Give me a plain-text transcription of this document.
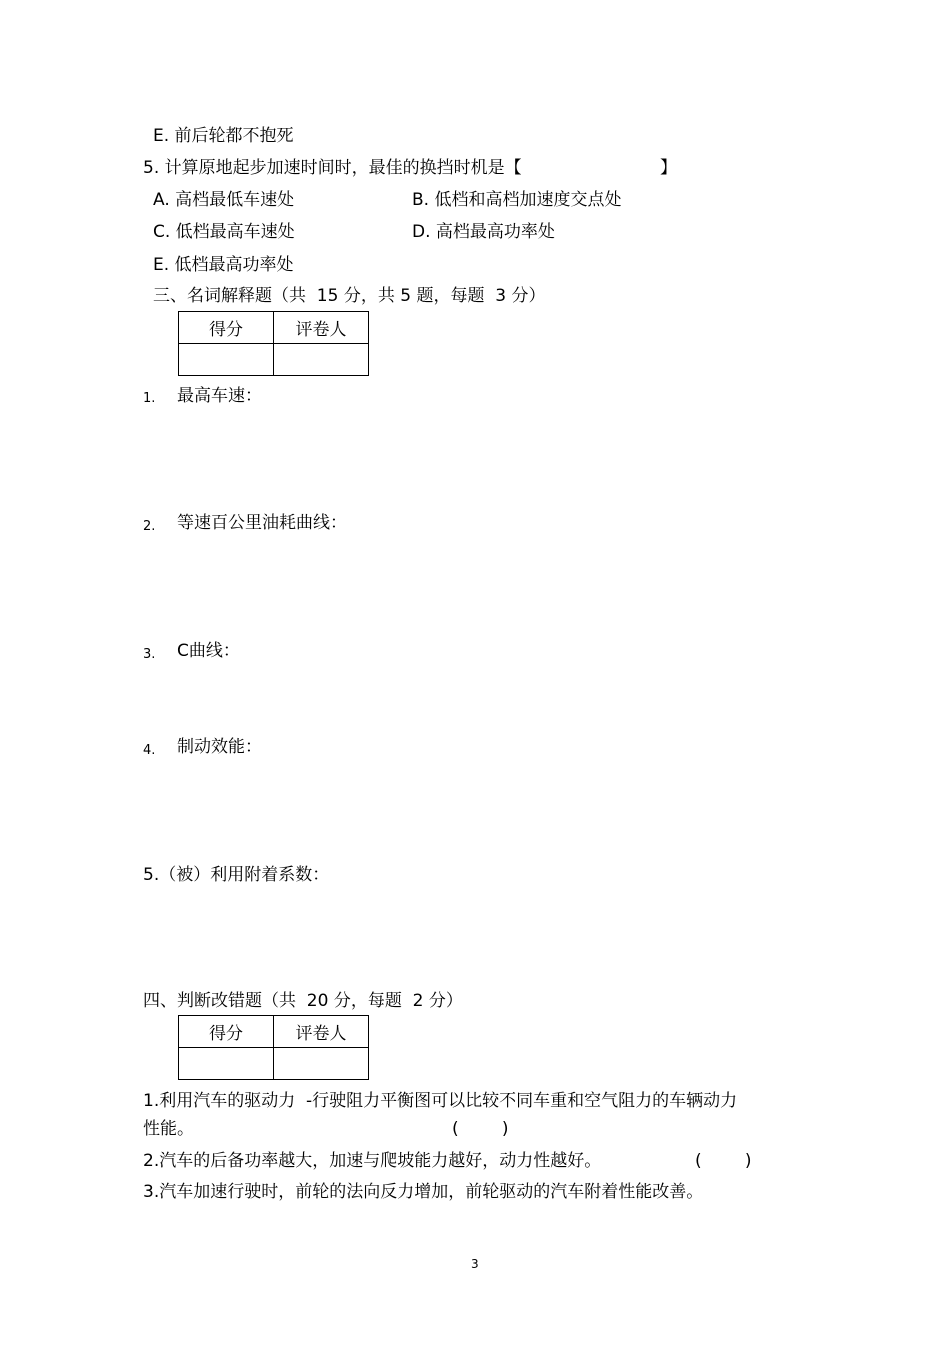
E. 前后轮都不抱死
5. 计算原地起步加速时间时，最佳的换挡时机是【	】
A. 高档最低车速处	B. 低档和高档加速度交点处
C. 低档最高车速处	D. 高档最高功率处
E. 低档最高功率处
三、名词解释题（共  15 分，共 5 题，每题  3 分）
得分	评卷人

1. 最高车速：
2. 等速百公里油耗曲线：
3. C曲线：
4. 制动效能：
5.（被）利用附着系数：
四、判断改错题（共  20 分，每题  2 分）
得分	评卷人

1.利用汽车的驱动力  -行驶阻力平衡图可以比较不同车重和空气阻力的车辆动力
性能。	(        )
2.汽车的后备功率越大，加速与爬坡能力越好，动力性越好。	(        )
3.汽车加速行驶时，前轮的法向反力增加，前轮驱动的汽车附着性能改善。
3
